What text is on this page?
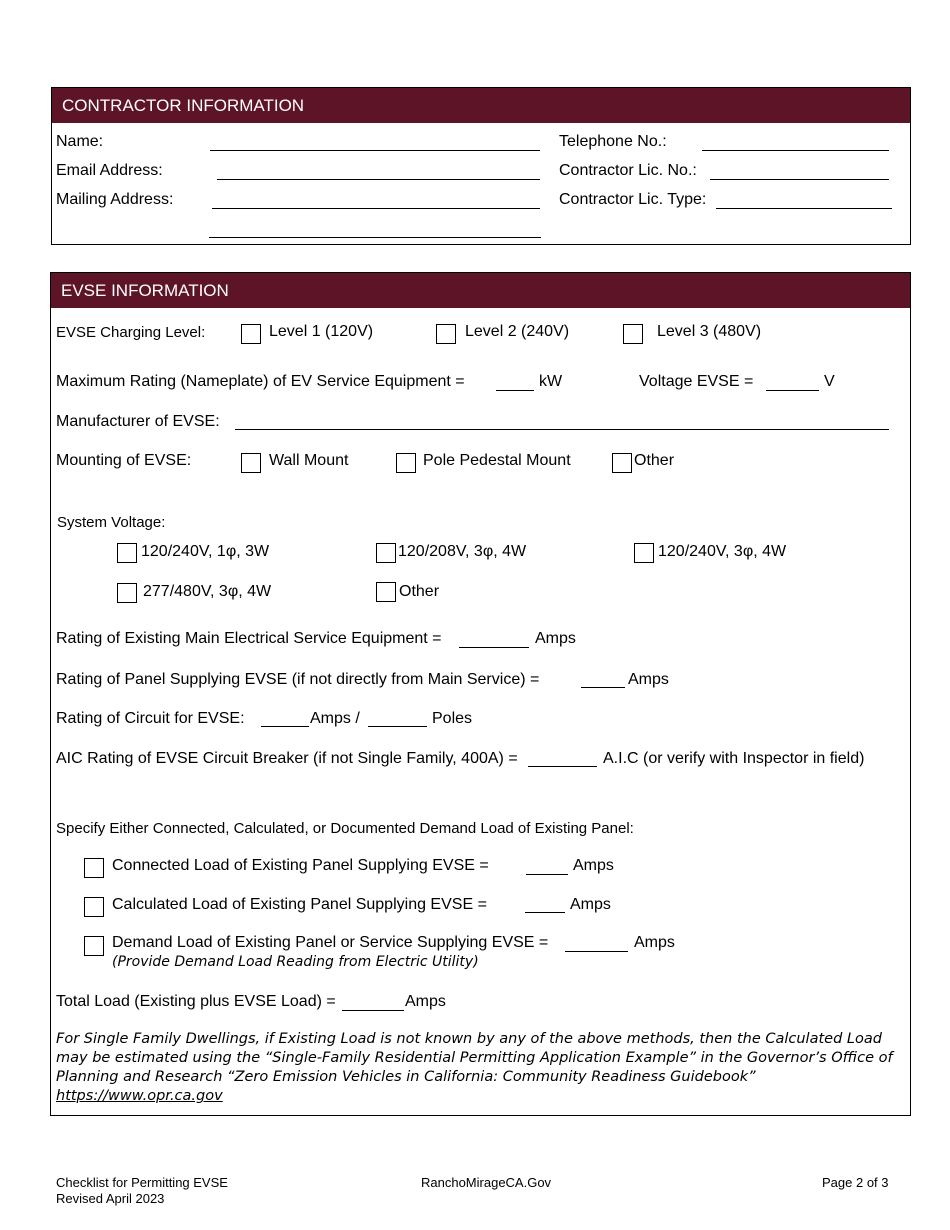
CONTRACTOR INFORMATION
Name:
Email Address:
Mailing Address:
Telephone No.:
Contractor Lic. No.:
Contractor Lic. Type:
EVSE INFORMATION
EVSE Charging Level:	Level 1 (120V)	Level 2 (240V)	Level 3 (480V)
Maximum Rating (Nameplate) of EV Service Equipment =	kW	Voltage EVSE =	V
Manufacturer of EVSE:
Mounting of EVSE:	Wall Mount	Pole Pedestal Mount	Other
System Voltage:
120/240V, 1φ, 3W	120/208V, 3φ, 4W	120/240V, 3φ, 4W
277/480V, 3φ, 4W	Other
Rating of Existing Main Electrical Service Equipment =	Amps
Rating of Panel Supplying EVSE (if not directly from Main Service) =	Amps
Rating of Circuit for EVSE:	Amps /	Poles
AIC Rating of EVSE Circuit Breaker (if not Single Family, 400A) =	A.I.C (or verify with Inspector in field)
Specify Either Connected, Calculated, or Documented Demand Load of Existing Panel:
Connected Load of Existing Panel Supplying EVSE =	Amps
Calculated Load of Existing Panel Supplying EVSE =	Amps
Demand Load of Existing Panel or Service Supplying EVSE =	Amps
(Provide Demand Load Reading from Electric Utility)
Total Load (Existing plus EVSE Load) =	Amps
For Single Family Dwellings, if Existing Load is not known by any of the above methods, then the Calculated Load
may be estimated using the “Single-Family Residential Permitting Application Example” in the Governor’s Office of
Planning and Research “Zero Emission Vehicles in California: Community Readiness Guidebook”
https://www.opr.ca.gov
Checklist for Permitting EVSE
Revised April 2023
RanchoMirageCA.Gov	Page 2 of 3
